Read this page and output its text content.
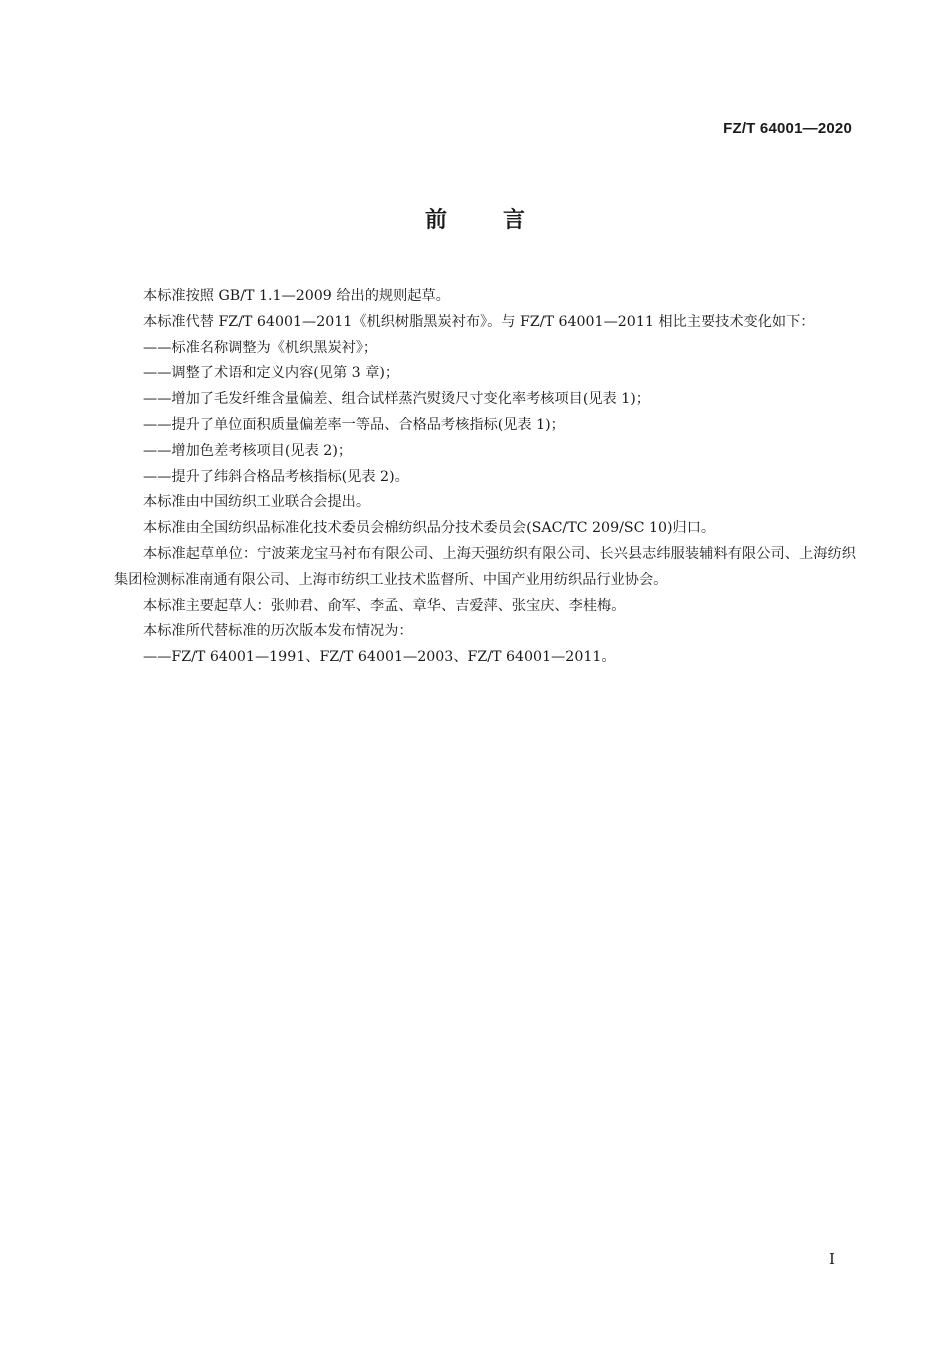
FZ/T 64001—2020
前言

本标准按照 GB/T 1.1—2009 给出的规则起草。

本标准代替 FZ/T 64001—2011《机织树脂黑炭衬布》。与 FZ/T 64001—2011 相比主要技术变化如下：

——标准名称调整为《机织黑炭衬》；

——调整了术语和定义内容(见第 3 章)；

——增加了毛发纤维含量偏差、组合试样蒸汽熨烫尺寸变化率考核项目(见表 1)；

——提升了单位面积质量偏差率一等品、合格品考核指标(见表 1)；

——增加色差考核项目(见表 2)；

——提升了纬斜合格品考核指标(见表 2)。

本标准由中国纺织工业联合会提出。

本标准由全国纺织品标准化技术委员会棉纺织品分技术委员会(SAC/TC 209/SC 10)归口。

本标准起草单位：宁波莱龙宝马衬布有限公司、上海天强纺织有限公司、长兴县志纬服装辅料有限公司、上海纺织集团检测标准南通有限公司、上海市纺织工业技术监督所、中国产业用纺织品行业协会。

本标准主要起草人：张帅君、俞军、李孟、章华、吉爱萍、张宝庆、李桂梅。

本标准所代替标准的历次版本发布情况为：

——FZ/T 64001—1991、FZ/T 64001—2003、FZ/T 64001—2011。

I
